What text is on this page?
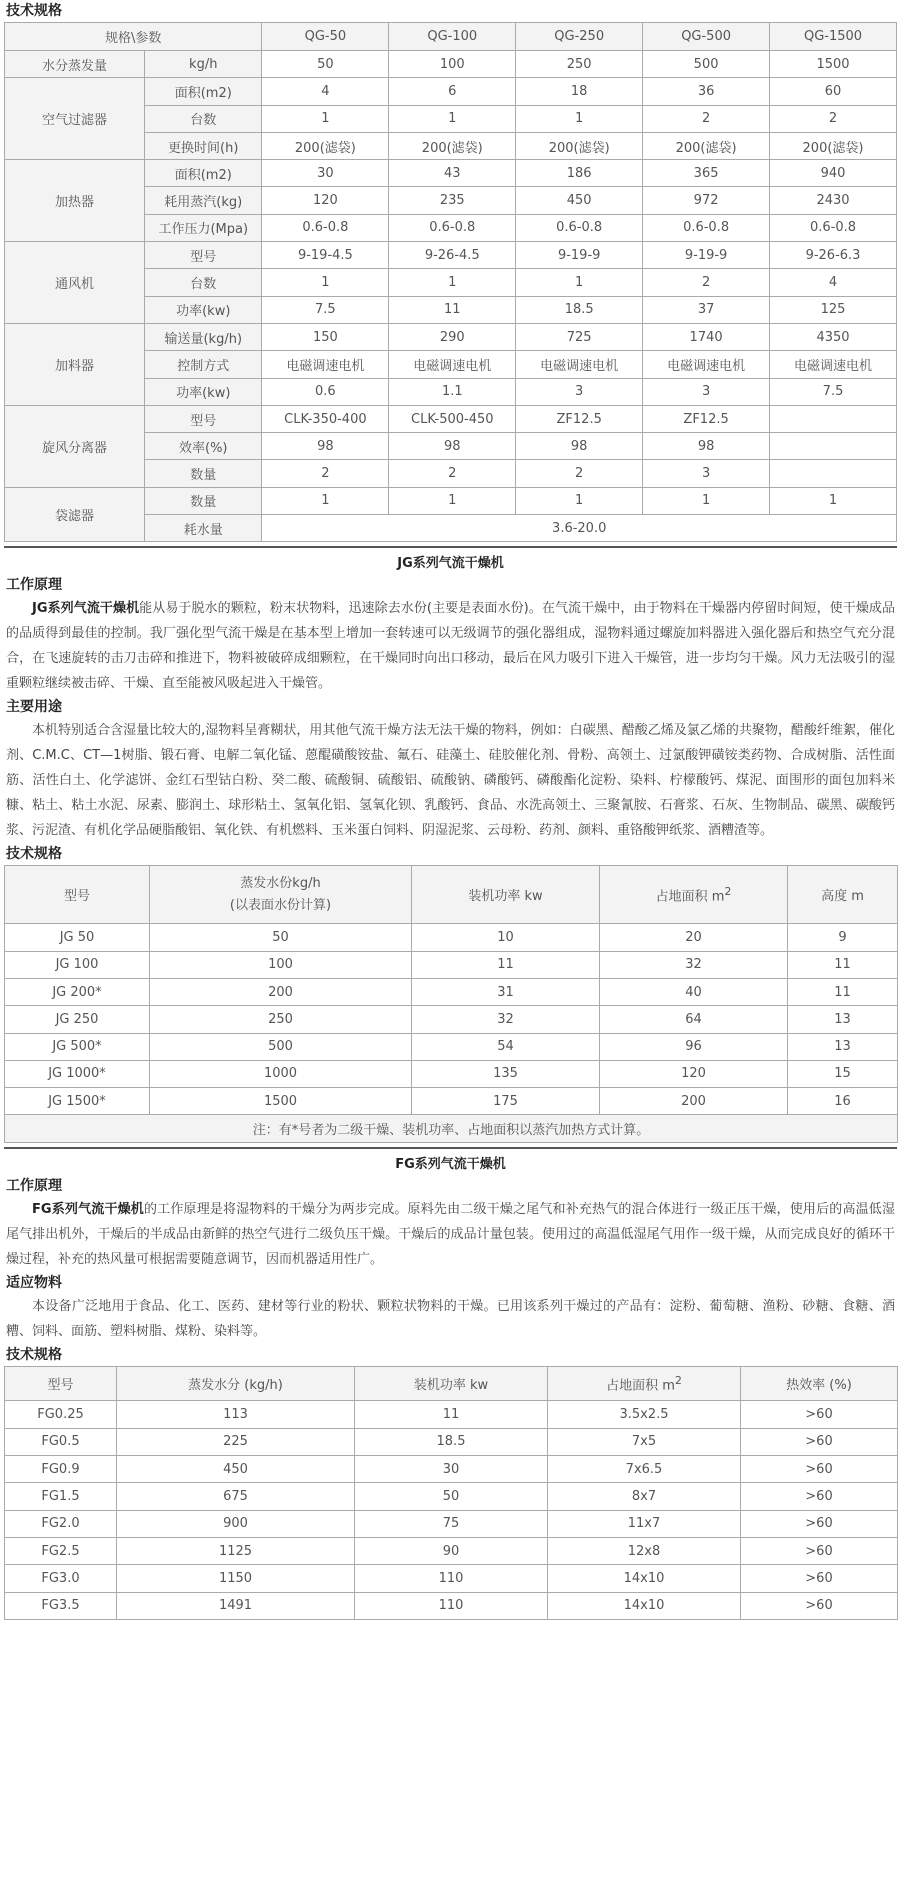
技术规格
规格\参数		QG-50	QG-100	QG-250	QG-500	QG-1500
水分蒸发量	kg/h	50	100	250	500	1500
空气过滤器	面积(m2)	4	6	18	36	60
	台数	1	1	1	2	2
	更换时间(h)	200(滤袋)	200(滤袋)	200(滤袋)	200(滤袋)	200(滤袋)
加热器	面积(m2)	30	43	186	365	940
	耗用蒸汽(kg)	120	235	450	972	2430
	工作压力(Mpa)	0.6-0.8	0.6-0.8	0.6-0.8	0.6-0.8	0.6-0.8
通风机	型号	9-19-4.5	9-26-4.5	9-19-9	9-19-9	9-26-6.3
	台数	1	1	1	2	4
	功率(kw)	7.5	11	18.5	37	125
加料器	输送量(kg/h)	150	290	725	1740	4350
	控制方式	电磁调速电机	电磁调速电机	电磁调速电机	电磁调速电机	电磁调速电机
	功率(kw)	0.6	1.1	3	3	7.5
旋风分离器	型号	CLK-350-400	CLK-500-450	ZF12.5	ZF12.5	
	效率(%)	98	98	98	98	
	数量	2	2	2	3	
袋滤器	数量	1	1	1	1	1
	耗水量	3.6-20.0				
JG系列气流干燥机
工作原理
JG系列气流干燥机能从易于脱水的颗粒，粉末状物料，迅速除去水份(主要是表面水份)。在气流干燥中，由于物料在干燥器内停留时间短，使干燥成品的品质得到最佳的控制。我厂强化型气流干燥是在基本型上增加一套转速可以无级调节的强化器组成，湿物料通过螺旋加料器进入强化器后和热空气充分混合，在飞速旋转的击刀击碎和推进下，物料被破碎成细颗粒，在干燥同时向出口移动，最后在风力吸引下进入干燥管，进一步均匀干燥。风力无法吸引的湿重颗粒继续被击碎、干燥、直至能被风吸起进入干燥管。
主要用途
本机特别适合含湿量比较大的,湿物料呈膏糊状，用其他气流干燥方法无法干燥的物料，例如：白碳黑、醋酸乙烯及氯乙烯的共聚物，醋酸纤维絮，催化剂、C.M.C、CT—1树脂、锻石膏、电解二氧化锰、蒽醌磺酸铵盐、氟石、硅藻土、硅胶催化剂、骨粉、高领土、过氯酸钾磺铵类药物、合成树脂、活性面筋、活性白土、化学滤饼、金红石型钴白粉、癸二酸、硫酸铜、硫酸铝、硫酸钠、磷酸钙、磷酸酯化淀粉、染料、柠檬酸钙、煤泥、面围形的面包加料米糠、粘土、粘土水泥、尿素、膨润土、球形粘土、氢氧化铝、氢氧化钡、乳酸钙、食品、水洗高领土、三聚氰胺、石膏浆、石灰、生物制品、碳黑、碳酸钙浆、污泥渣、有机化学品硬脂酸铝、氧化铁、有机燃料、玉米蛋白饲料、阴湿泥浆、云母粉、药剂、颜料、重铬酸钾纸浆、酒糟渣等。
技术规格
型号	蒸发水份kg/h
(以表面水份计算)	装机功率 kw	占地面积 $m^2$	高度 m
JG 50	50	10	20	9
JG 100	100	11	32	11
JG 200*	200	31	40	11
JG 250	250	32	64	13
JG 500*	500	54	96	13
JG 1000*	1000	135	120	15
JG 1500*	1500	175	200	16
注：有*号者为二级干燥、装机功率、占地面积以蒸汽加热方式计算。				
FG系列气流干燥机
工作原理
FG系列气流干燥机的工作原理是将湿物料的干燥分为两步完成。原料先由二级干燥之尾气和补充热气的混合体进行一级正压干燥，使用后的高温低湿尾气排出机外，干燥后的半成品由新鲜的热空气进行二级负压干燥。干燥后的成品计量包装。使用过的高温低湿尾气用作一级干燥，从而完成良好的循环干燥过程，补充的热风量可根据需要随意调节，因而机器适用性广。
适应物料
本设备广泛地用于食品、化工、医药、建材等行业的粉状、颗粒状物料的干燥。已用该系列干燥过的产品有：淀粉、葡萄糖、渔粉、砂糖、食糖、酒糟、饲料、面筋、塑料树脂、煤粉、染料等。
技术规格
型号	蒸发水分 (kg/h)	装机功率 kw	占地面积 $m^2$	热效率 (%)
FG0.25	113	11	3.5x2.5	>60
FG0.5	225	18.5	7x5	>60
FG0.9	450	30	7x6.5	>60
FG1.5	675	50	8x7	>60
FG2.0	900	75	11x7	>60
FG2.5	1125	90	12x8	>60
FG3.0	1150	110	14x10	>60
FG3.5	1491	110	14x10	>60
